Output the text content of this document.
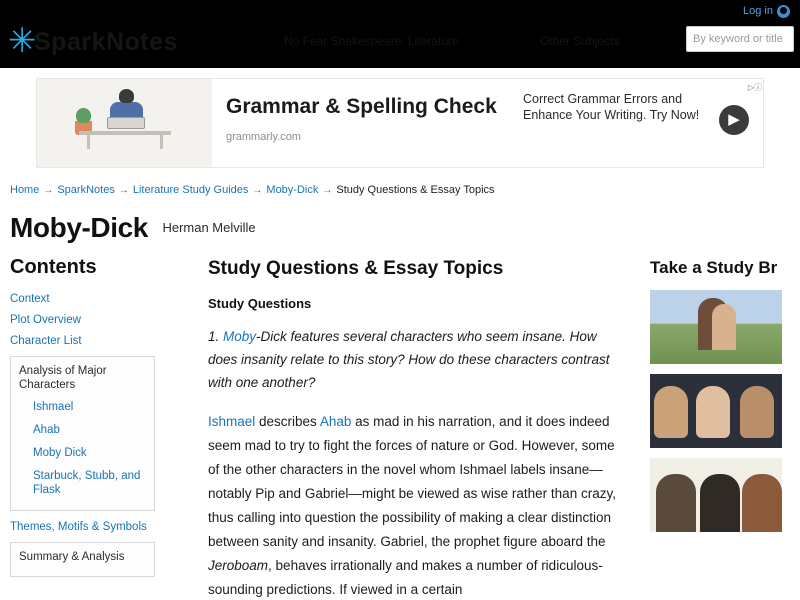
Log in
✳
SparkNotes	No Fear Shakespeare Literature	Other Subjects	By keyword or title
Grammar & Spelling Check
grammarly.com
Correct Grammar Errors and Enhance Your Writing. Try Now!	▶
▷ⓘ
Home → SparkNotes → Literature Study Guides → Moby-Dick → Study Questions & Essay Topics
Moby-Dick Herman Melville
Contents
Context
Plot Overview
Character List
Analysis of Major Characters
Ishmael
Ahab
Moby Dick
Starbuck, Stubb, and Flask
Themes, Motifs & Symbols
Summary & Analysis
Study Questions & Essay Topics
Study Questions
1. Moby-Dick features several characters who seem insane. How does insanity relate to this story? How do these characters contrast with one another?
Ishmael describes Ahab as mad in his narration, and it does indeed seem mad to try to fight the forces of nature or God. However, some of the other characters in the novel whom Ishmael labels insane—notably Pip and Gabriel—might be viewed as wise rather than crazy, thus calling into question the possibility of making a clear distinction between sanity and insanity. Gabriel, the prophet figure aboard the Jeroboam, behaves irrationally and makes a number of ridiculous-sounding predictions. If viewed in a certain
Take a Study Br
